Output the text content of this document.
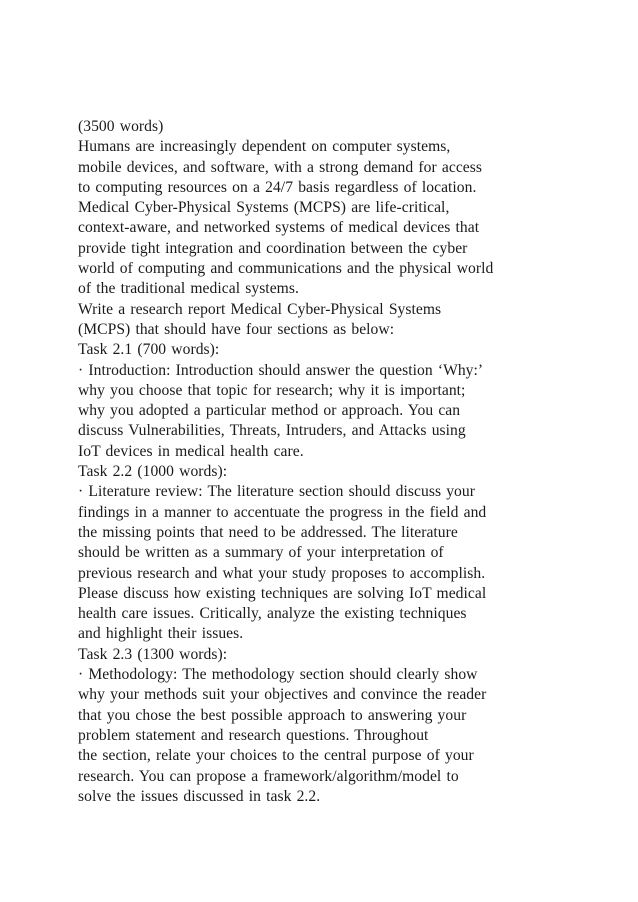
(3500 words)
Humans are increasingly dependent on computer systems,
mobile devices, and software, with a strong demand for access
to computing resources on a 24/7 basis regardless of location.
Medical Cyber-Physical Systems (MCPS) are life-critical,
context-aware, and networked systems of medical devices that
provide tight integration and coordination between the cyber
world of computing and communications and the physical world
of the traditional medical systems.
Write a research report Medical Cyber-Physical Systems
(MCPS) that should have four sections as below:
Task 2.1 (700 words):
· Introduction: Introduction should answer the question ‘Why:’
why you choose that topic for research; why it is important;
why you adopted a particular method or approach. You can
discuss Vulnerabilities, Threats, Intruders, and Attacks using
IoT devices in medical health care.
Task 2.2 (1000 words):
· Literature review: The literature section should discuss your
findings in a manner to accentuate the progress in the field and
the missing points that need to be addressed. The literature
should be written as a summary of your interpretation of
previous research and what your study proposes to accomplish.
Please discuss how existing techniques are solving IoT medical
health care issues. Critically, analyze the existing techniques
and highlight their issues.
Task 2.3 (1300 words):
· Methodology: The methodology section should clearly show
why your methods suit your objectives and convince the reader
that you chose the best possible approach to answering your
problem statement and research questions. Throughout
the section, relate your choices to the central purpose of your
research. You can propose a framework/algorithm/model to
solve the issues discussed in task 2.2.
